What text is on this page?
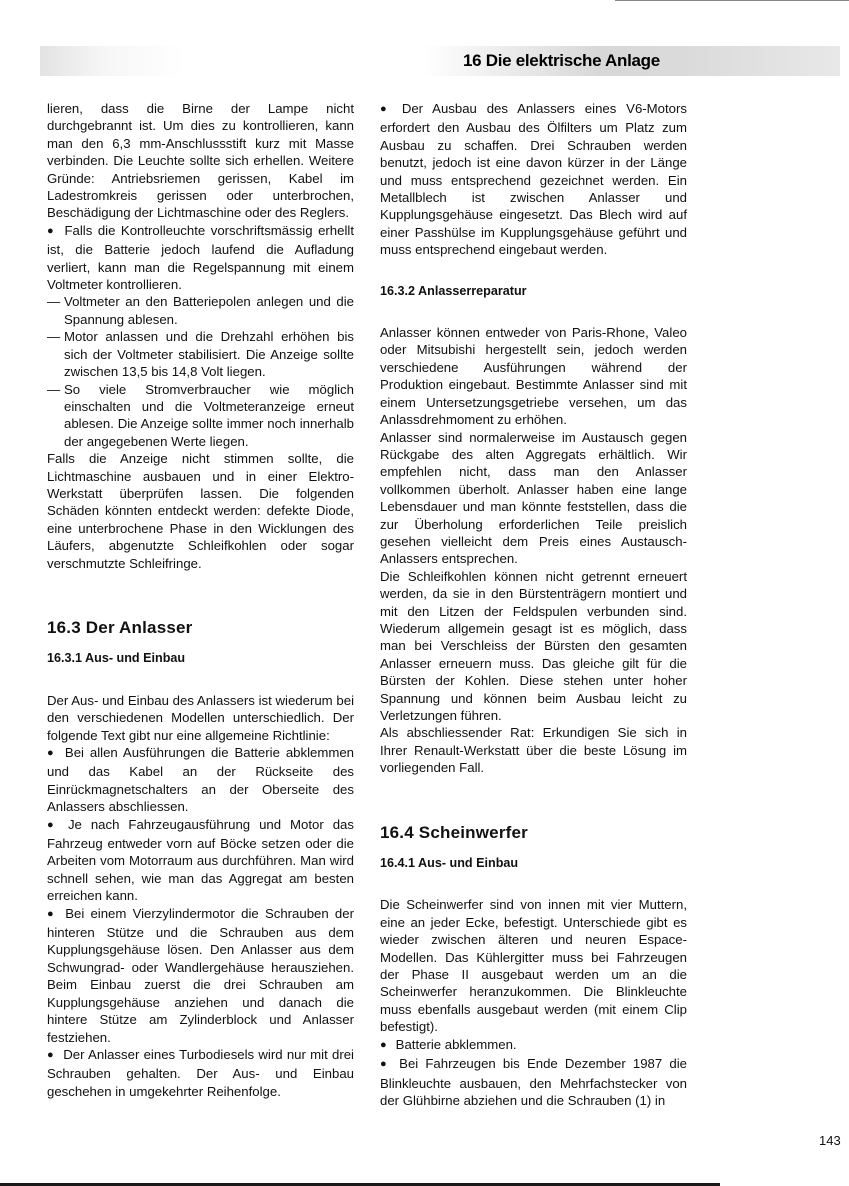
16 Die elektrische Anlage

lieren, dass die Birne der Lampe nicht durchgebrannt ist. Um dies zu kontrollieren, kann man den 6,3 mm-Anschlussstift kurz mit Masse verbinden. Die Leuchte sollte sich erhellen. Weitere Gründe: Antriebsriemen gerissen, Kabel im Ladestromkreis gerissen oder unterbrochen, Beschädigung der Lichtmaschine oder des Reglers.

● Falls die Kontrolleuchte vorschriftsmässig erhellt ist, die Batterie jedoch laufend die Aufladung verliert, kann man die Regelspannung mit einem Voltmeter kontrollieren.

— Voltmeter an den Batteriepolen anlegen und die Spannung ablesen.
— Motor anlassen und die Drehzahl erhöhen bis sich der Voltmeter stabilisiert. Die Anzeige sollte zwischen 13,5 bis 14,8 Volt liegen.
— So viele Stromverbraucher wie möglich einschalten und die Voltmeteranzeige erneut ablesen. Die Anzeige sollte immer noch innerhalb der angegebenen Werte liegen.

Falls die Anzeige nicht stimmen sollte, die Lichtmaschine ausbauen und in einer Elektro-Werkstatt überprüfen lassen. Die folgenden Schäden könnten entdeckt werden: defekte Diode, eine unterbrochene Phase in den Wicklungen des Läufers, abgenutzte Schleifkohlen oder sogar verschmutzte Schleifringe.

16.3 Der Anlasser
16.3.1 Aus- und Einbau

Der Aus- und Einbau des Anlassers ist wiederum bei den verschiedenen Modellen unterschiedlich. Der folgende Text gibt nur eine allgemeine Richtlinie:

● Bei allen Ausführungen die Batterie abklemmen und das Kabel an der Rückseite des Einrückmagnetschalters an der Oberseite des Anlassers abschliessen.

● Je nach Fahrzeugausführung und Motor das Fahrzeug entweder vorn auf Böcke setzen oder die Arbeiten vom Motorraum aus durchführen. Man wird schnell sehen, wie man das Aggregat am besten erreichen kann.

● Bei einem Vierzylindermotor die Schrauben der hinteren Stütze und die Schrauben aus dem Kupplungsgehäuse lösen. Den Anlasser aus dem Schwungrad- oder Wandlergehäuse herausziehen. Beim Einbau zuerst die drei Schrauben am Kupplungsgehäuse anziehen und danach die hintere Stütze am Zylinderblock und Anlasser festziehen.

● Der Anlasser eines Turbodiesels wird nur mit drei Schrauben gehalten. Der Aus- und Einbau geschehen in umgekehrter Reihenfolge.

● Der Ausbau des Anlassers eines V6-Motors erfordert den Ausbau des Ölfilters um Platz zum Ausbau zu schaffen. Drei Schrauben werden benutzt, jedoch ist eine davon kürzer in der Länge und muss entsprechend gezeichnet werden. Ein Metallblech ist zwischen Anlasser und Kupplungsgehäuse eingesetzt. Das Blech wird auf einer Passhülse im Kupplungsgehäuse geführt und muss entsprechend eingebaut werden.

16.3.2 Anlasserreparatur

Anlasser können entweder von Paris-Rhone, Valeo oder Mitsubishi hergestellt sein, jedoch werden verschiedene Ausführungen während der Produktion eingebaut. Bestimmte Anlasser sind mit einem Untersetzungsgetriebe versehen, um das Anlassdrehmoment zu erhöhen.

Anlasser sind normalerweise im Austausch gegen Rückgabe des alten Aggregats erhältlich. Wir empfehlen nicht, dass man den Anlasser vollkommen überholt. Anlasser haben eine lange Lebensdauer und man könnte feststellen, dass die zur Überholung erforderlichen Teile preislich gesehen vielleicht dem Preis eines Austausch-Anlassers entsprechen.

Die Schleifkohlen können nicht getrennt erneuert werden, da sie in den Bürstenträgern montiert und mit den Litzen der Feldspulen verbunden sind. Wiederum allgemein gesagt ist es möglich, dass man bei Verschleiss der Bürsten den gesamten Anlasser erneuern muss. Das gleiche gilt für die Bürsten der Kohlen. Diese stehen unter hoher Spannung und können beim Ausbau leicht zu Verletzungen führen.

Als abschliessender Rat: Erkundigen Sie sich in Ihrer Renault-Werkstatt über die beste Lösung im vorliegenden Fall.

16.4 Scheinwerfer
16.4.1 Aus- und Einbau

Die Scheinwerfer sind von innen mit vier Muttern, eine an jeder Ecke, befestigt. Unterschiede gibt es wieder zwischen älteren und neuren Espace-Modellen. Das Kühlergitter muss bei Fahrzeugen der Phase II ausgebaut werden um an die Scheinwerfer heranzukommen. Die Blinkleuchte muss ebenfalls ausgebaut werden (mit einem Clip befestigt).

● Batterie abklemmen.

● Bei Fahrzeugen bis Ende Dezember 1987 die Blinkleuchte ausbauen, den Mehrfachstecker von der Glühbirne abziehen und die Schrauben (1) in

143
